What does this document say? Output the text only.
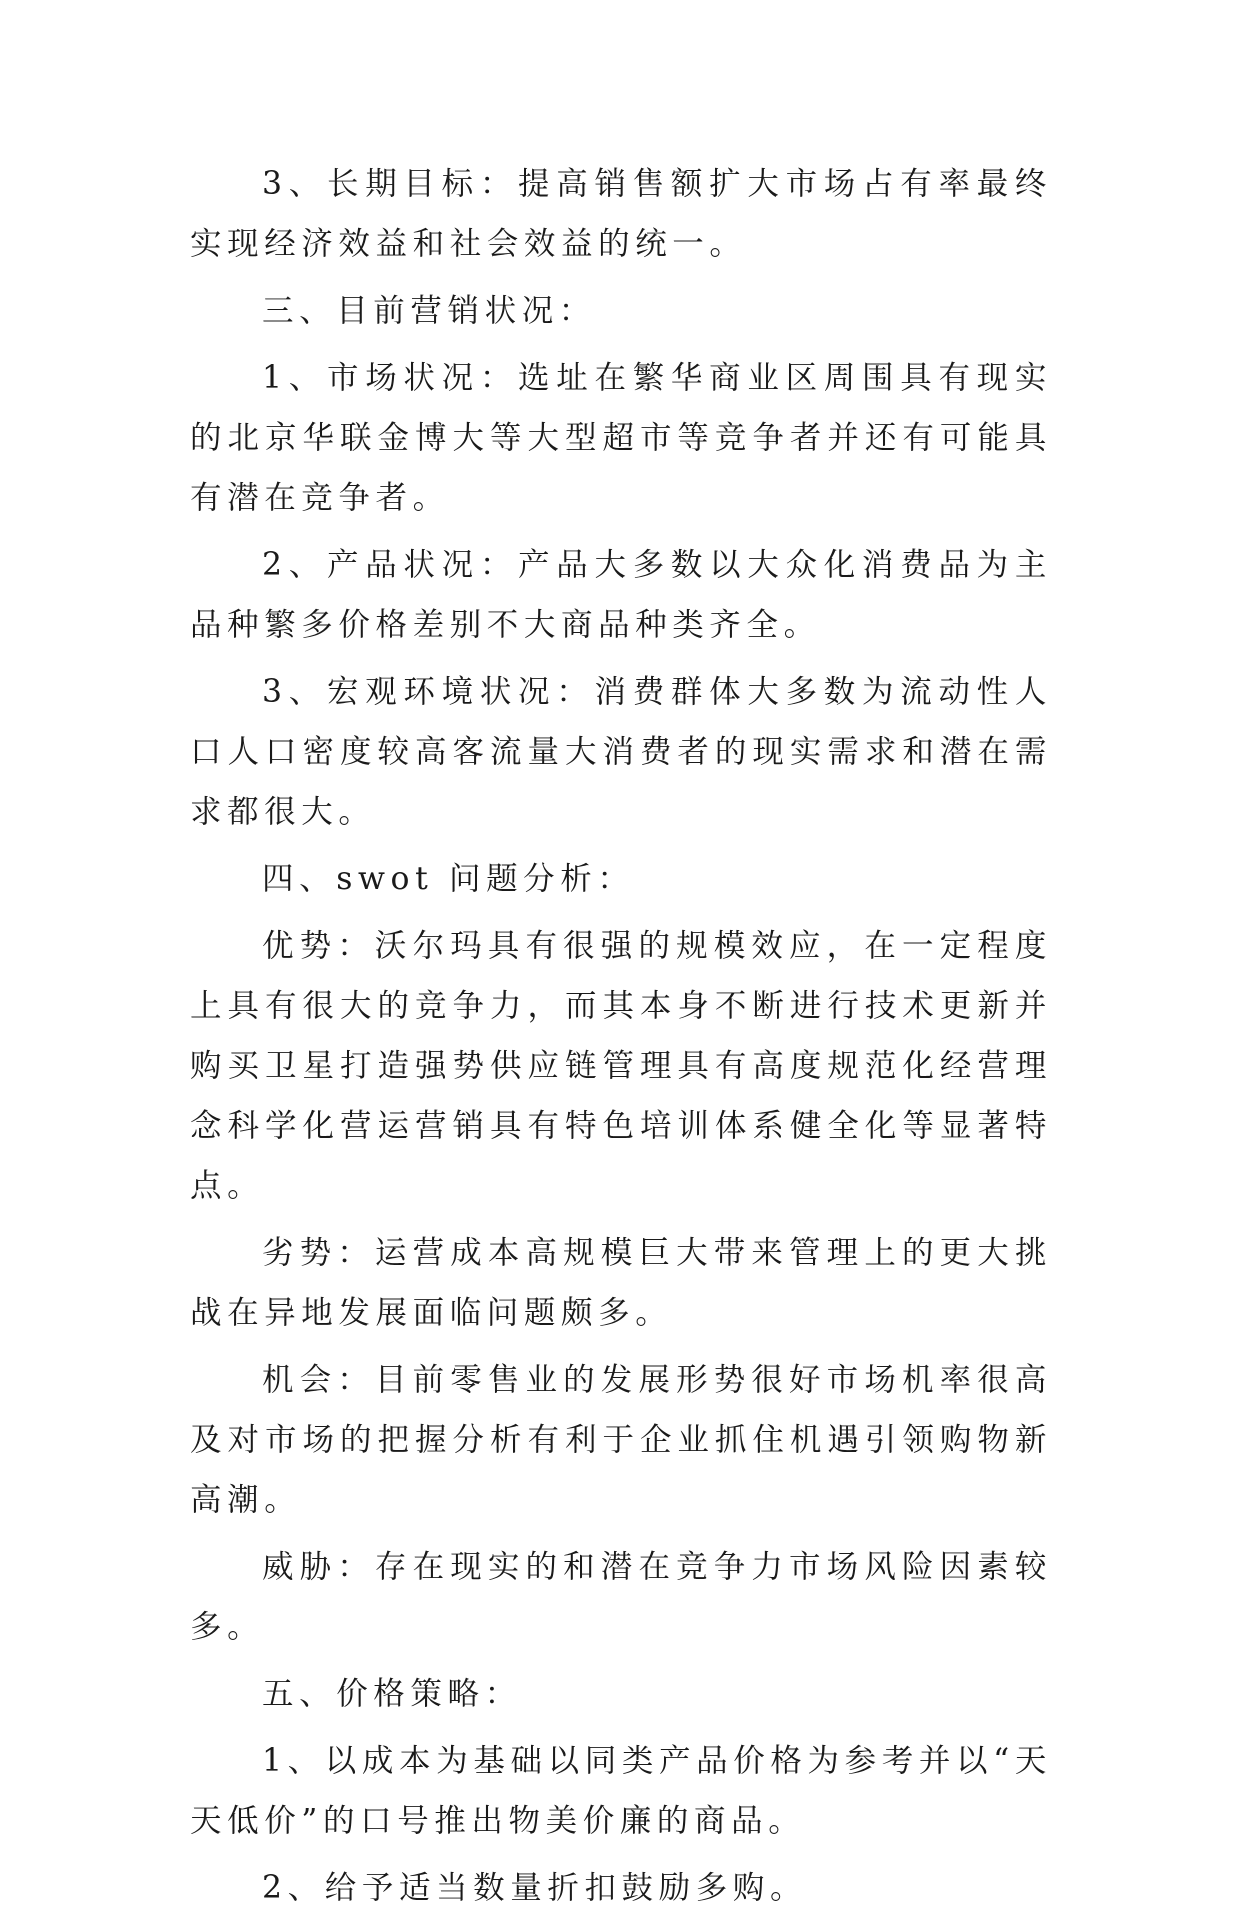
3、长期目标：提高销售额扩大市场占有率最终实现经济效益和社会效益的统一。

三、目前营销状况：

1、市场状况：选址在繁华商业区周围具有现实的北京华联金博大等大型超市等竞争者并还有可能具有潜在竞争者。

2、产品状况：产品大多数以大众化消费品为主品种繁多价格差别不大商品种类齐全。

3、宏观环境状况：消费群体大多数为流动性人口人口密度较高客流量大消费者的现实需求和潜在需求都很大。

四、swot 问题分析：

优势：沃尔玛具有很强的规模效应，在一定程度上具有很大的竞争力，而其本身不断进行技术更新并购买卫星打造强势供应链管理具有高度规范化经营理念科学化营运营销具有特色培训体系健全化等显著特点。

劣势：运营成本高规模巨大带来管理上的更大挑战在异地发展面临问题颇多。

机会：目前零售业的发展形势很好市场机率很高及对市场的把握分析有利于企业抓住机遇引领购物新高潮。

威胁：存在现实的和潜在竞争力市场风险因素较多。

五、价格策略：

1、以成本为基础以同类产品价格为参考并以“天天低价”的口号推出物美价廉的商品。

2、给予适当数量折扣鼓励多购。
